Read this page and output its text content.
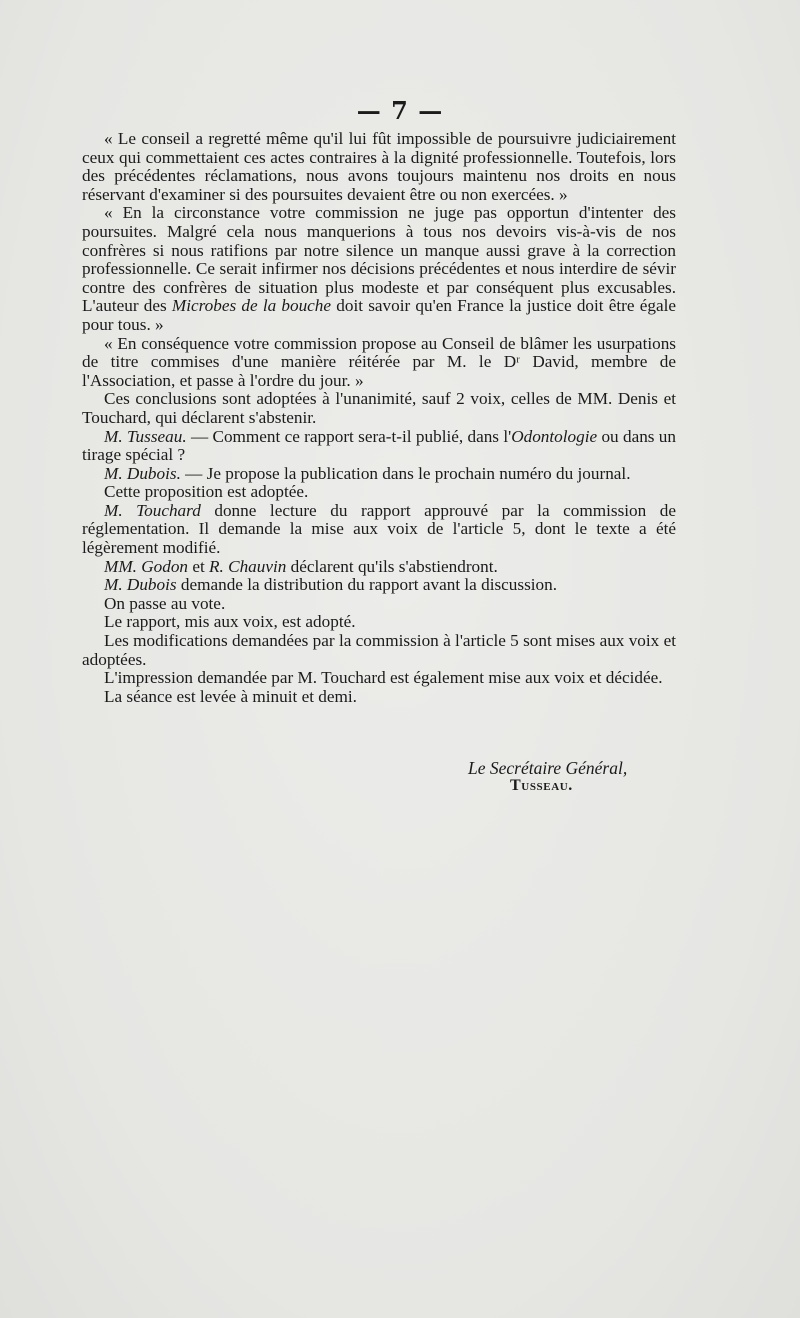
— 7 —

« Le conseil a regretté même qu'il lui fût impossible de poursuivre judiciairement ceux qui commettaient ces actes contraires à la dignité professionnelle. Toutefois, lors des précédentes réclamations, nous avons toujours maintenu nos droits en nous réservant d'examiner si des poursuites devaient être ou non exercées. »

« En la circonstance votre commission ne juge pas opportun d'intenter des poursuites. Malgré cela nous manquerions à tous nos devoirs vis-à-vis de nos confrères si nous ratifions par notre silence un manque aussi grave à la correction professionnelle. Ce serait infirmer nos décisions précédentes et nous interdire de sévir contre des confrères de situation plus modeste et par conséquent plus excusables. L'auteur des Microbes de la bouche doit savoir qu'en France la justice doit être égale pour tous. »

« En conséquence votre commission propose au Conseil de blâmer les usurpations de titre commises d'une manière réitérée par M. le Dʳ David, membre de l'Association, et passe à l'ordre du jour. »

Ces conclusions sont adoptées à l'unanimité, sauf 2 voix, celles de MM. Denis et Touchard, qui déclarent s'abstenir.

M. Tusseau. — Comment ce rapport sera-t-il publié, dans l'Odontologie ou dans un tirage spécial ?

M. Dubois. — Je propose la publication dans le prochain numéro du journal.

Cette proposition est adoptée.

M. Touchard donne lecture du rapport approuvé par la commission de réglementation. Il demande la mise aux voix de l'article 5, dont le texte a été légèrement modifié.

MM. Godon et R. Chauvin déclarent qu'ils s'abstiendront.

M. Dubois demande la distribution du rapport avant la discussion.

On passe au vote.

Le rapport, mis aux voix, est adopté.

Les modifications demandées par la commission à l'article 5 sont mises aux voix et adoptées.

L'impression demandée par M. Touchard est également mise aux voix et décidée.

La séance est levée à minuit et demi.

Le Secrétaire Général,
Tusseau.
